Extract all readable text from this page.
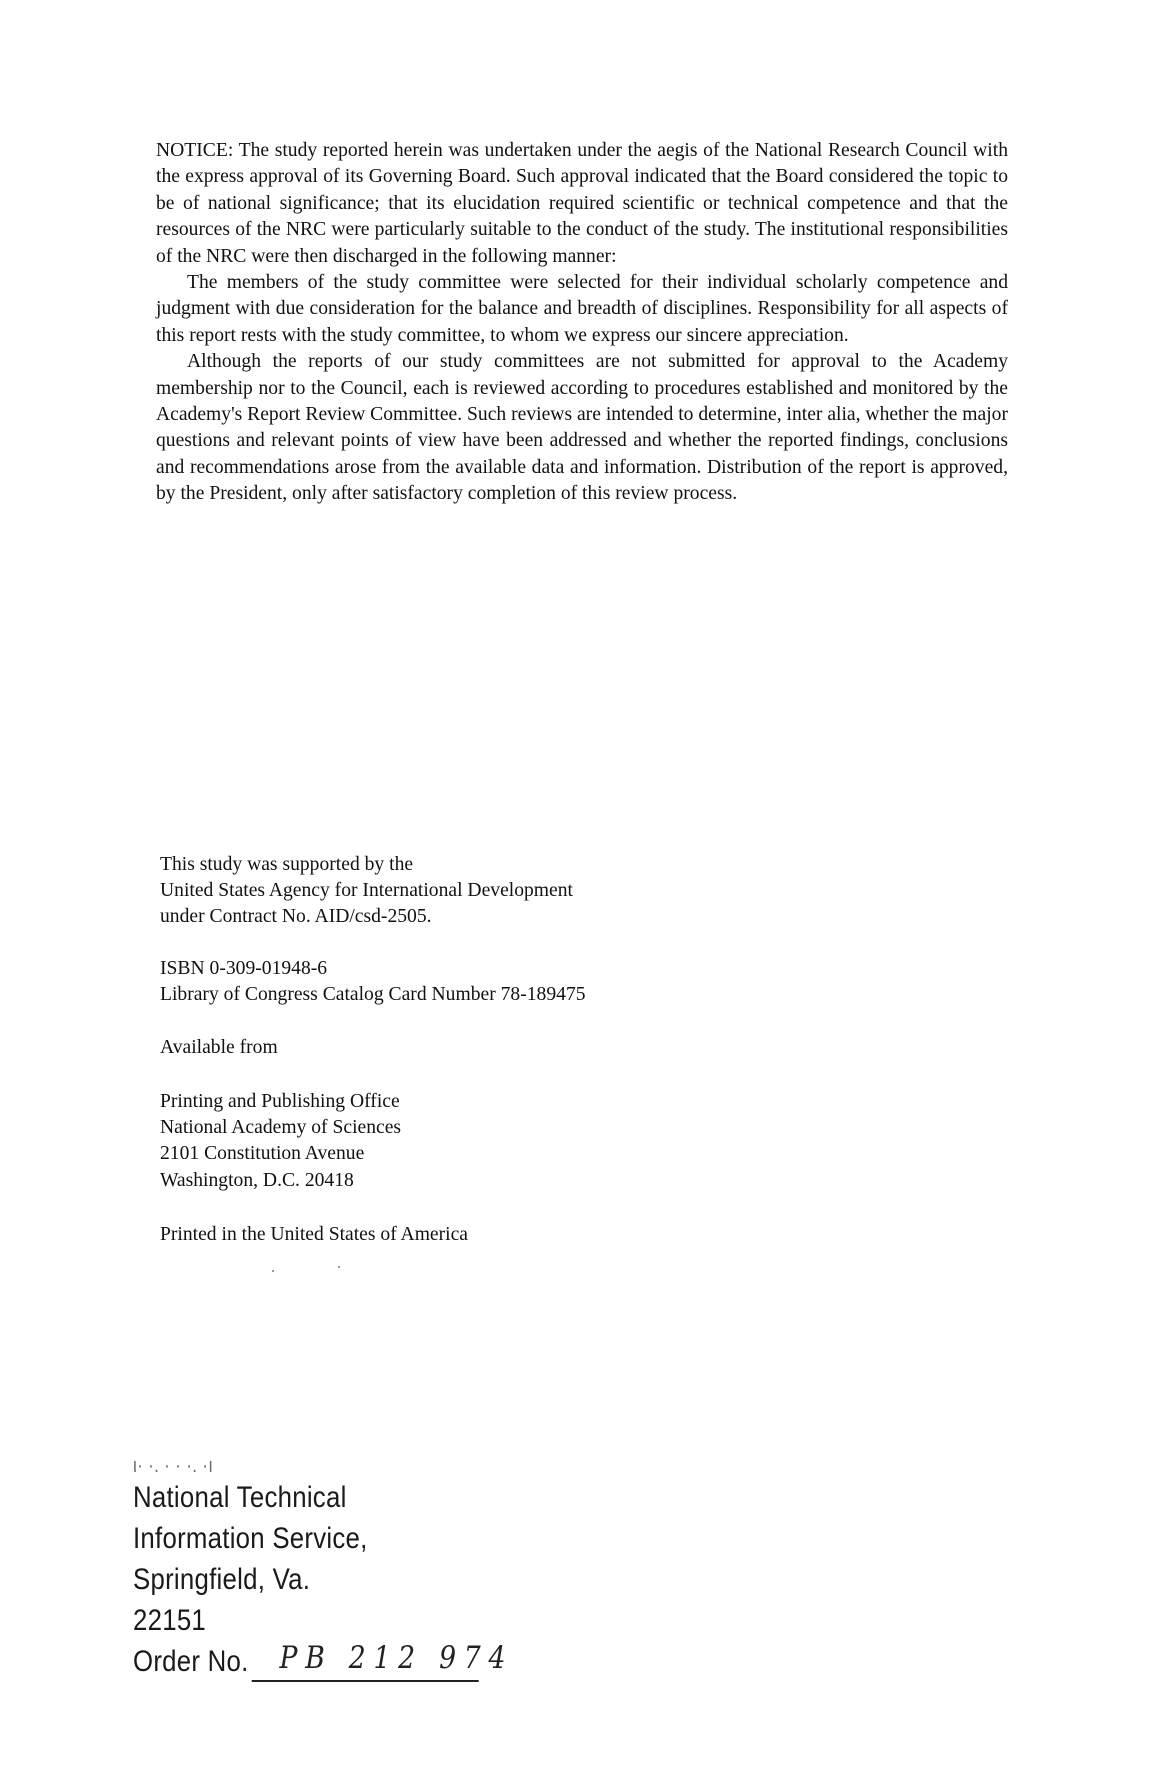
NOTICE: The study reported herein was undertaken under the aegis of the National Research Council with the express approval of its Governing Board. Such approval indicated that the Board considered the topic to be of national significance; that its elucidation required scientific or technical competence and that the resources of the NRC were particularly suitable to the conduct of the study. The institutional responsibilities of the NRC were then discharged in the following manner:

The members of the study committee were selected for their individual scholarly competence and judgment with due consideration for the balance and breadth of disciplines. Responsibility for all aspects of this report rests with the study committee, to whom we express our sincere appreciation.

Although the reports of our study committees are not submitted for approval to the Academy membership nor to the Council, each is reviewed according to procedures established and monitored by the Academy's Report Review Committee. Such reviews are intended to determine, inter alia, whether the major questions and relevant points of view have been addressed and whether the reported findings, conclusions and recommendations arose from the available data and information. Distribution of the report is approved, by the President, only after satisfactory completion of this review process.

This study was supported by the
United States Agency for International Development
under Contract No. AID/csd-2505.
ISBN 0-309-01948-6
Library of Congress Catalog Card Number 78-189475
Available from
Printing and Publishing Office
National Academy of Sciences
2101 Constitution Avenue
Washington, D.C. 20418
Printed in the United States of America
ι· ·. · · ·. ·ı
National Technical
Information Service,
Springfield, Va.
22151
Order No. PB 212 974
